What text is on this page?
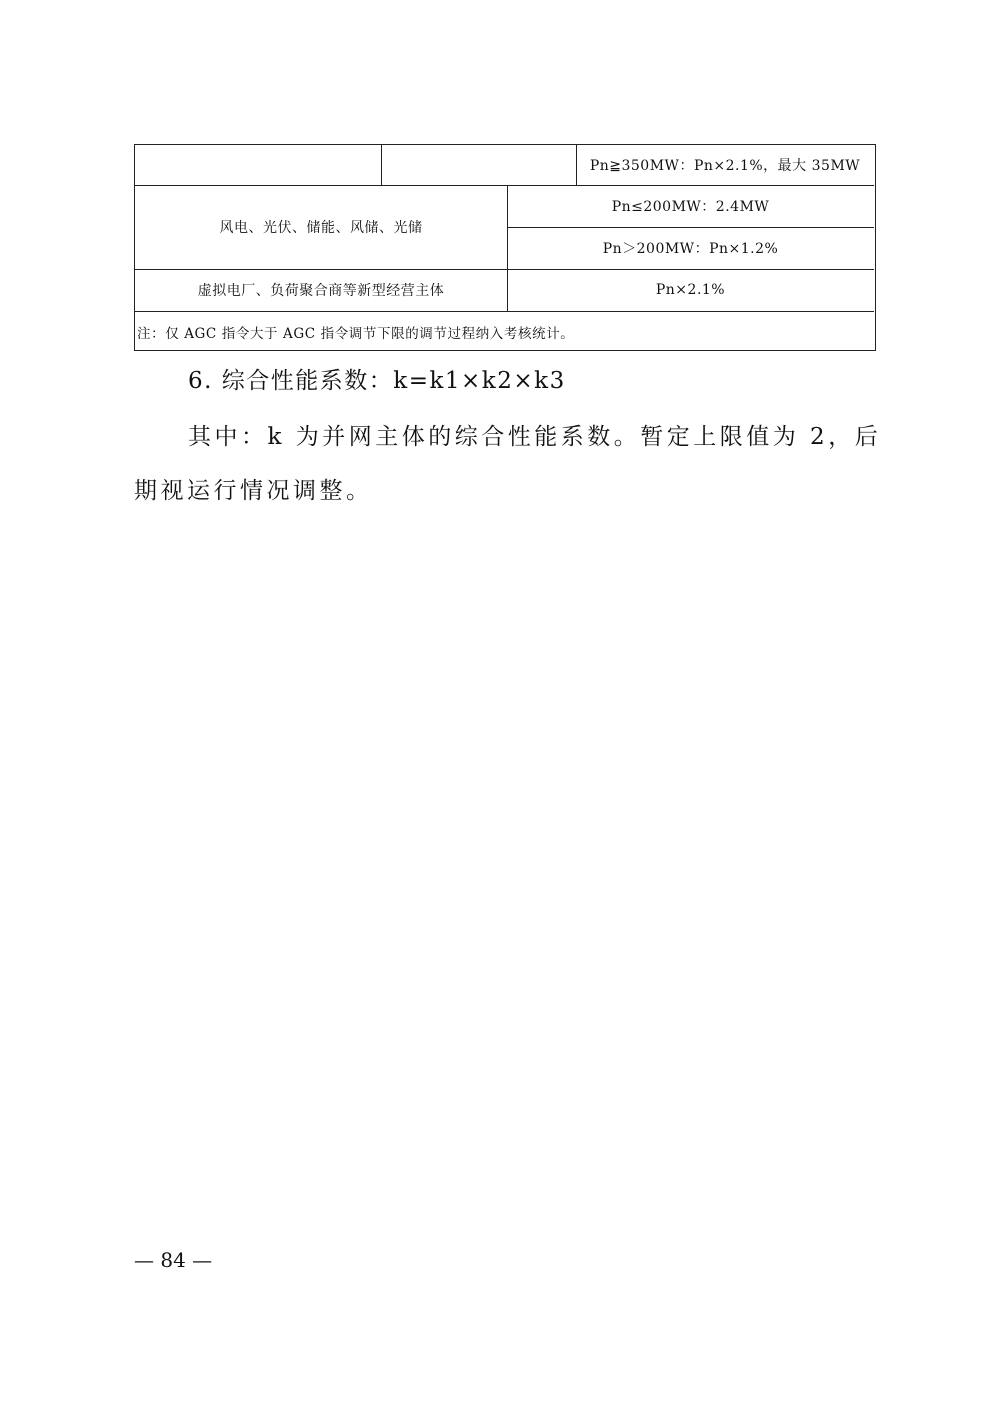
Pn≧350MW：Pn×2.1%，最大 35MW
风电、光伏、储能、风储、光储
Pn≤200MW：2.4MW
Pn＞200MW：Pn×1.2%
虚拟电厂、负荷聚合商等新型经营主体	Pn×2.1%
注：仅 AGC 指令大于 AGC 指令调节下限的调节过程纳入考核统计。
6. 综合性能系数：k=k1×k2×k3
其中：k 为并网主体的综合性能系数。暂定上限值为 2，后
期视运行情况调整。
— 84 —
